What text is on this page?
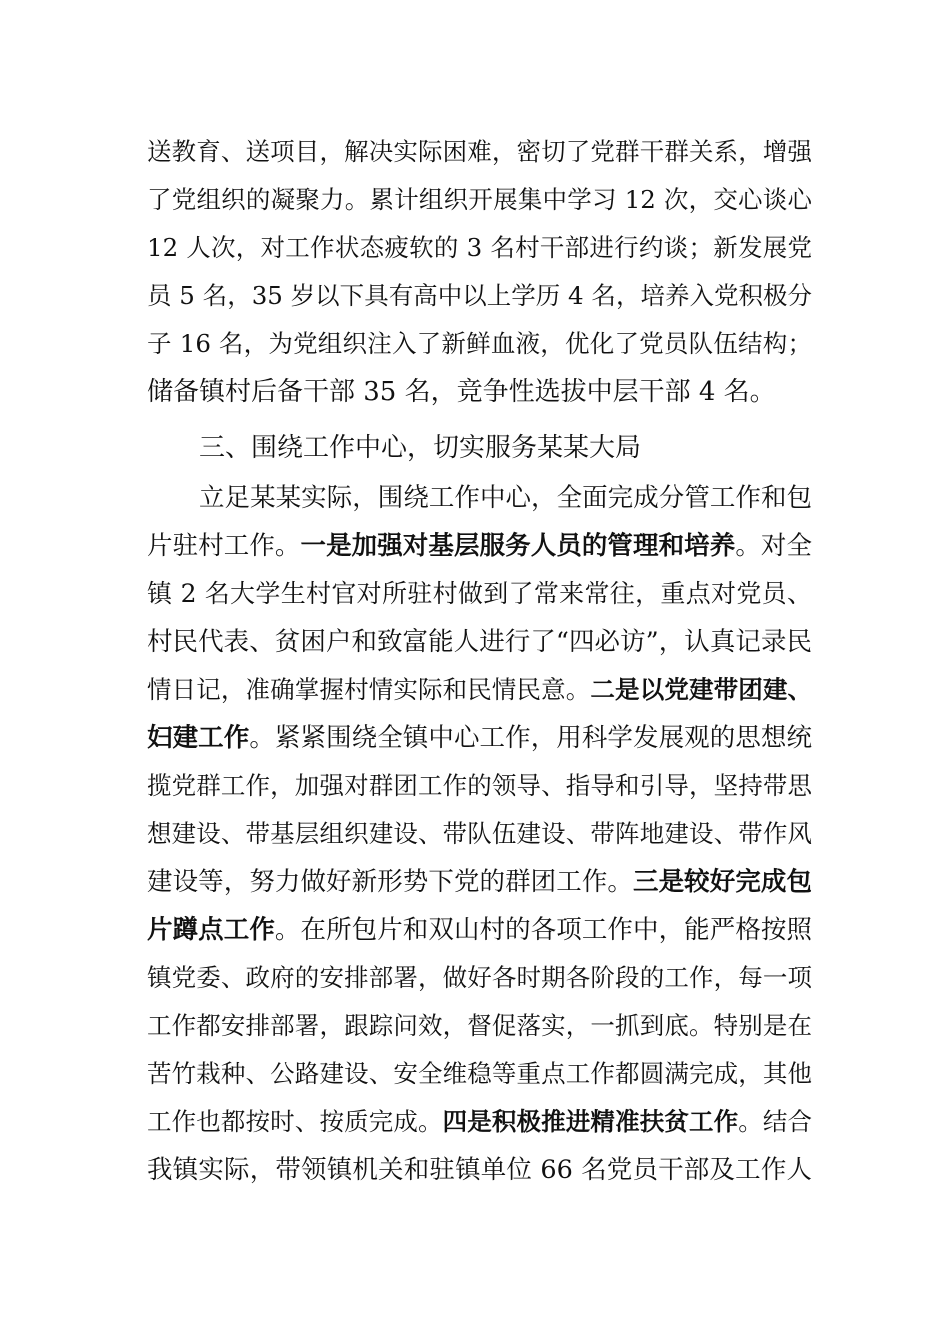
送教育、送项目，解决实际困难，密切了党群干群关系，增强
了党组织的凝聚力。累计组织开展集中学习 12 次，交心谈心
12 人次，对工作状态疲软的 3 名村干部进行约谈；新发展党
员 5 名，35 岁以下具有高中以上学历 4 名，培养入党积极分
子 16 名，为党组织注入了新鲜血液，优化了党员队伍结构；
储备镇村后备干部 35 名，竞争性选拔中层干部 4 名。
三、围绕工作中心，切实服务某某大局
立足某某实际，围绕工作中心，全面完成分管工作和包
片驻村工作。一是加强对基层服务人员的管理和培养。对全
镇 2 名大学生村官对所驻村做到了常来常往，重点对党员、
村民代表、贫困户和致富能人进行了“四必访”，认真记录民
情日记，准确掌握村情实际和民情民意。二是以党建带团建、
妇建工作。紧紧围绕全镇中心工作，用科学发展观的思想统
揽党群工作，加强对群团工作的领导、指导和引导，坚持带思
想建设、带基层组织建设、带队伍建设、带阵地建设、带作风
建设等，努力做好新形势下党的群团工作。三是较好完成包
片蹲点工作。在所包片和双山村的各项工作中，能严格按照
镇党委、政府的安排部署，做好各时期各阶段的工作，每一项
工作都安排部署，跟踪问效，督促落实，一抓到底。特别是在
苦竹栽种、公路建设、安全维稳等重点工作都圆满完成，其他
工作也都按时、按质完成。四是积极推进精准扶贫工作。结合
我镇实际，带领镇机关和驻镇单位 66 名党员干部及工作人
